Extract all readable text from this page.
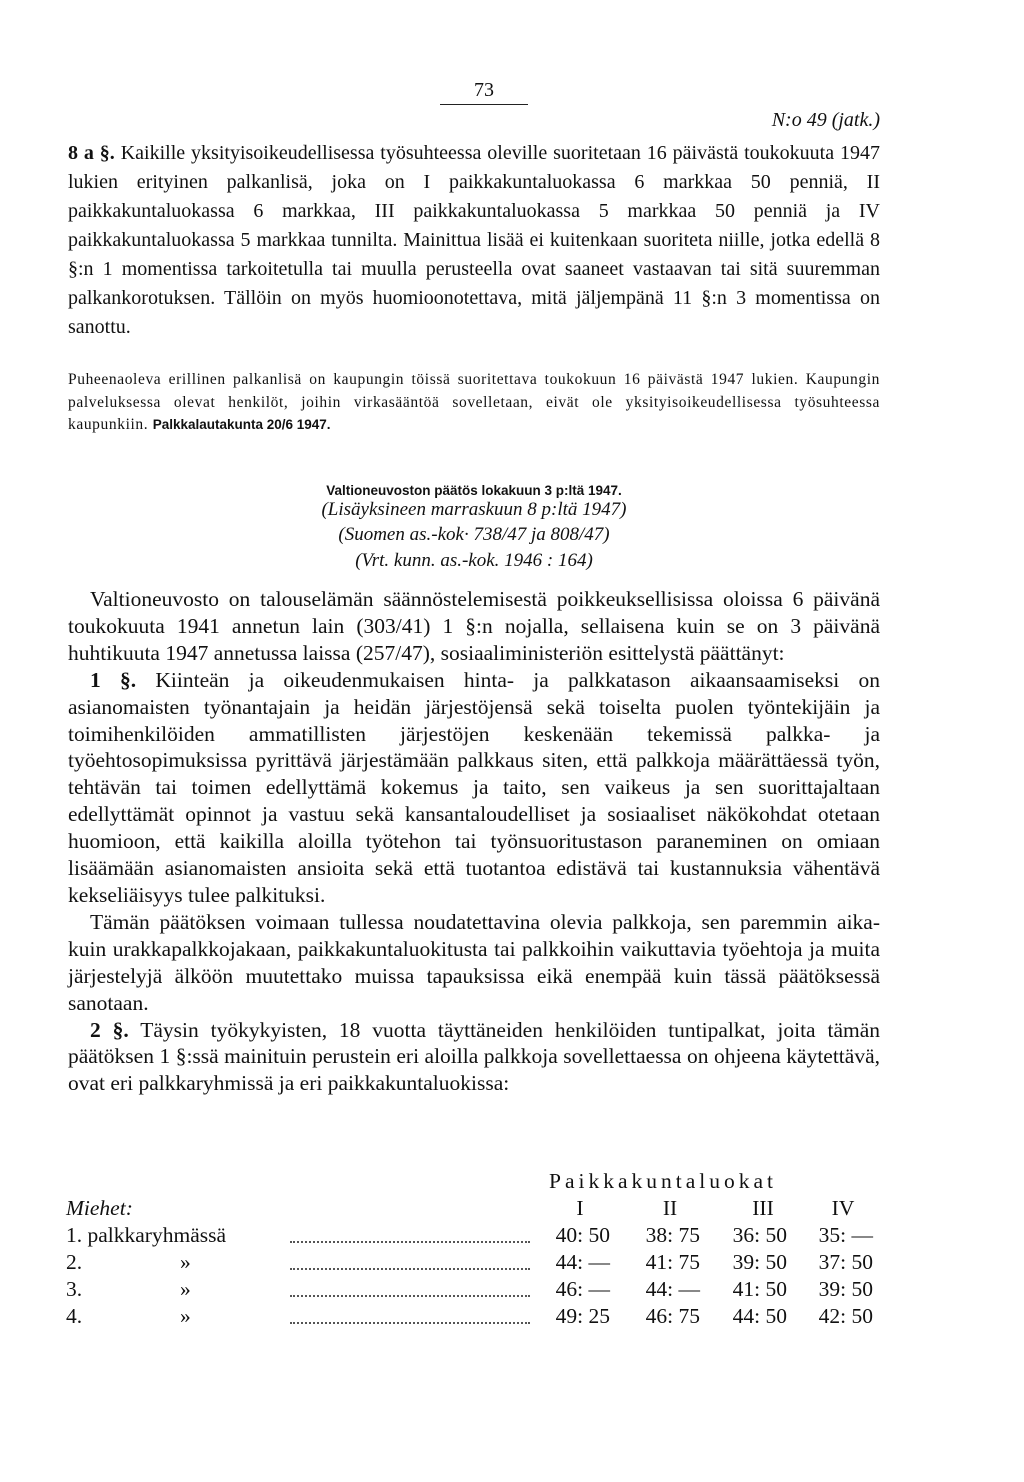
73
N:o 49 (jatk.)

8 a §. Kaikille yksityisoikeudellisessa työsuhteessa oleville suoritetaan 16 päivästä toukokuuta 1947 lukien erityinen palkanlisä, joka on I paikkakuntaluokassa 6 markkaa 50 penniä, II paikkakuntaluokassa 6 markkaa, III paikkakuntaluokassa 5 markkaa 50 penniä ja IV paikkakuntaluokassa 5 markkaa tunnilta. Mainittua lisää ei kuitenkaan suoriteta niille, jotka edellä 8 §:n 1 momentissa tarkoitetulla tai muulla perusteella ovat saaneet vastaavan tai sitä suuremman palkankorotuksen. Tällöin on myös huomioonotettava, mitä jäljempänä 11 §:n 3 momentissa on sanottu.

Puheenaoleva erillinen palkanlisä on kaupungin töissä suoritettava toukokuun 16 päivästä 1947 lukien. Kaupungin palveluksessa olevat henkilöt, joihin virkasääntöä sovelletaan, eivät ole yksityisoikeudellisessa työsuhteessa kaupunkiin. Palkkalautakunta 20/6 1947.

Valtioneuvoston päätös lokakuun 3 p:ltä 1947.
(Lisäyksineen marraskuun 8 p:ltä 1947)
(Suomen as.-kok· 738/47 ja 808/47)
(Vrt. kunn. as.-kok. 1946 : 164)
Valtioneuvosto on talouselämän säännöstelemisestä poikkeuksellisissa oloissa 6 päivänä toukokuuta 1941 annetun lain (303/41) 1 §:n nojalla, sellaisena kuin se on 3 päivänä huhtikuuta 1947 annetussa laissa (257/47), sosiaaliministeriön esittelystä päättänyt:
1 §. Kiinteän ja oikeudenmukaisen hinta- ja palkkatason aikaansaamiseksi on asianomaisten työnantajain ja heidän järjestöjensä sekä toiselta puolen työntekijäin ja toimihenkilöiden ammatillisten järjestöjen keskenään tekemissä palkka- ja työehtosopimuksissa pyrittävä järjestämään palkkaus siten, että palkkoja määrättäessä työn, tehtävän tai toimen edellyttämä kokemus ja taito, sen vaikeus ja sen suorittajaltaan edellyttämät opinnot ja vastuu sekä kansantaloudelliset ja sosiaaliset näkökohdat otetaan huomioon, että kaikilla aloilla työtehon tai työnsuoritustason paraneminen on omiaan lisäämään asianomaisten ansioita sekä että tuotantoa edistävä tai kustannuksia vähentävä kekseliäisyys tulee palkituksi.
Tämän päätöksen voimaan tullessa noudatettavina olevia palkkoja, sen paremmin aika- kuin urakkapalkkojakaan, paikkakuntaluokitusta tai palkkoihin vaikuttavia työehtoja ja muita järjestelyjä älköön muutettako muissa tapauksissa eikä enempää kuin tässä päätöksessä sanotaan.
2 §. Täysin työkykyisten, 18 vuotta täyttäneiden henkilöiden tuntipalkat, joita tämän päätöksen 1 §:ssä mainituin perustein eri aloilla palkkoja sovellettaessa on ohjeena käytettävä, ovat eri palkkaryhmissä ja eri paikkakuntaluokissa:
Paikkakuntaluokat
Miehet:	I	II	III	IV
1. palkkaryhmässä	40: 50	38: 75	36: 50	35: —
2.	»	44: —	41: 75	39: 50	37: 50
3.	»	46: —	44: —	41: 50	39: 50
4.	»	49: 25	46: 75	44: 50	42: 50
